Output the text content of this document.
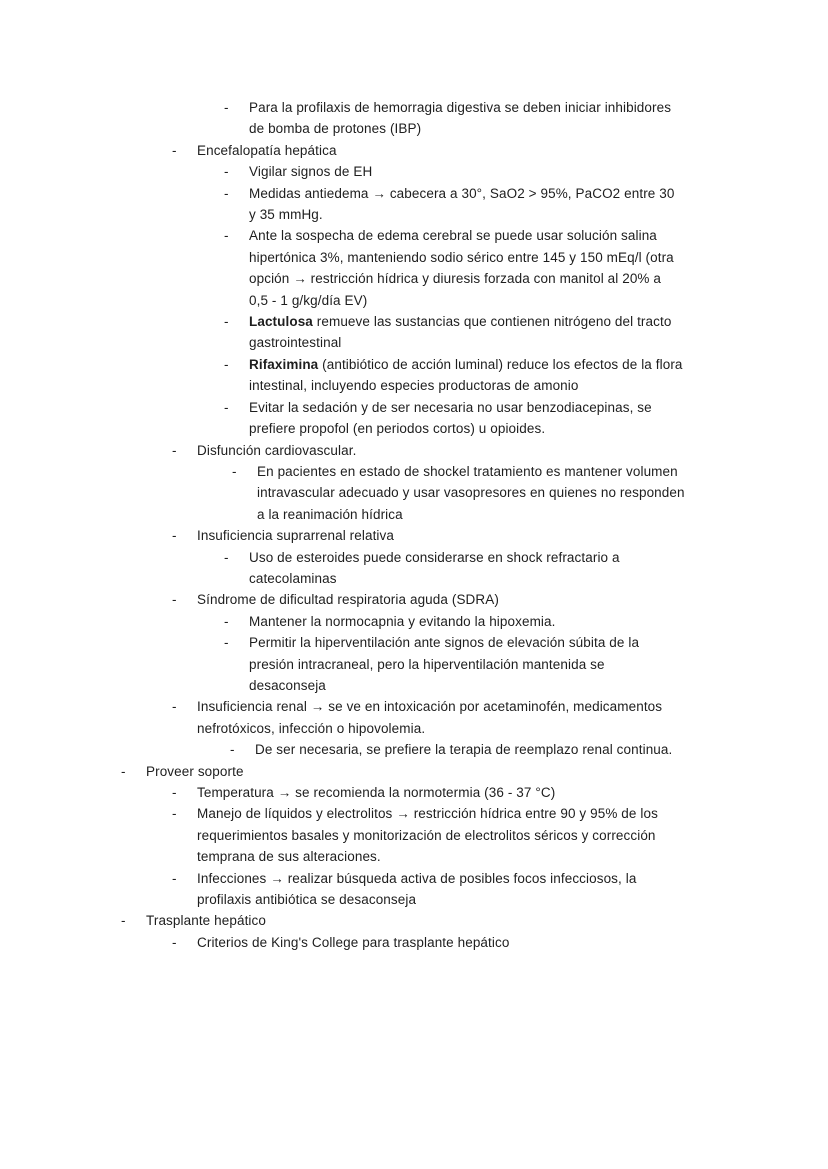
-	Para la profilaxis de hemorragia digestiva se deben iniciar inhibidores
de bomba de protones (IBP)
-	Encefalopatía hepática
-	Vigilar signos de EH
-	Medidas antiedema → cabecera a 30°, SaO2 > 95%, PaCO2 entre 30
y 35 mmHg.
-	Ante la sospecha de edema cerebral se puede usar solución salina
hipertónica 3%, manteniendo sodio sérico entre 145 y 150 mEq/l (otra
opción → restricción hídrica y diuresis forzada con manitol al 20% a
0,5 - 1 g/kg/día EV)
-	Lactulosa remueve las sustancias que contienen nitrógeno del tracto
gastrointestinal
-	Rifaximina (antibiótico de acción luminal) reduce los efectos de la flora
intestinal, incluyendo especies productoras de amonio
-	Evitar la sedación y de ser necesaria no usar benzodiacepinas, se
prefiere propofol (en periodos cortos) u opioides.
-	Disfunción cardiovascular.
-	En pacientes en estado de shockel tratamiento es mantener volumen
intravascular adecuado y usar vasopresores en quienes no responden
a la reanimación hídrica
-	Insuficiencia suprarrenal relativa
-	Uso de esteroides puede considerarse en shock refractario a
catecolaminas
-	Síndrome de dificultad respiratoria aguda (SDRA)
-	Mantener la normocapnia y evitando la hipoxemia.
-	Permitir la hiperventilación ante signos de elevación súbita de la
presión intracraneal, pero la hiperventilación mantenida se
desaconseja
-	Insuficiencia renal → se ve en intoxicación por acetaminofén, medicamentos
nefrotóxicos, infección o hipovolemia.
-	De ser necesaria, se prefiere la terapia de reemplazo renal continua.
-	Proveer soporte
-	Temperatura → se recomienda la normotermia (36 - 37 °C)
-	Manejo de líquidos y electrolitos → restricción hídrica entre 90 y 95% de los
requerimientos basales y monitorización de electrolitos séricos y corrección
temprana de sus alteraciones.
-	Infecciones → realizar búsqueda activa de posibles focos infecciosos, la
profilaxis antibiótica se desaconseja
-	Trasplante hepático
-	Criterios de King's College para trasplante hepático
